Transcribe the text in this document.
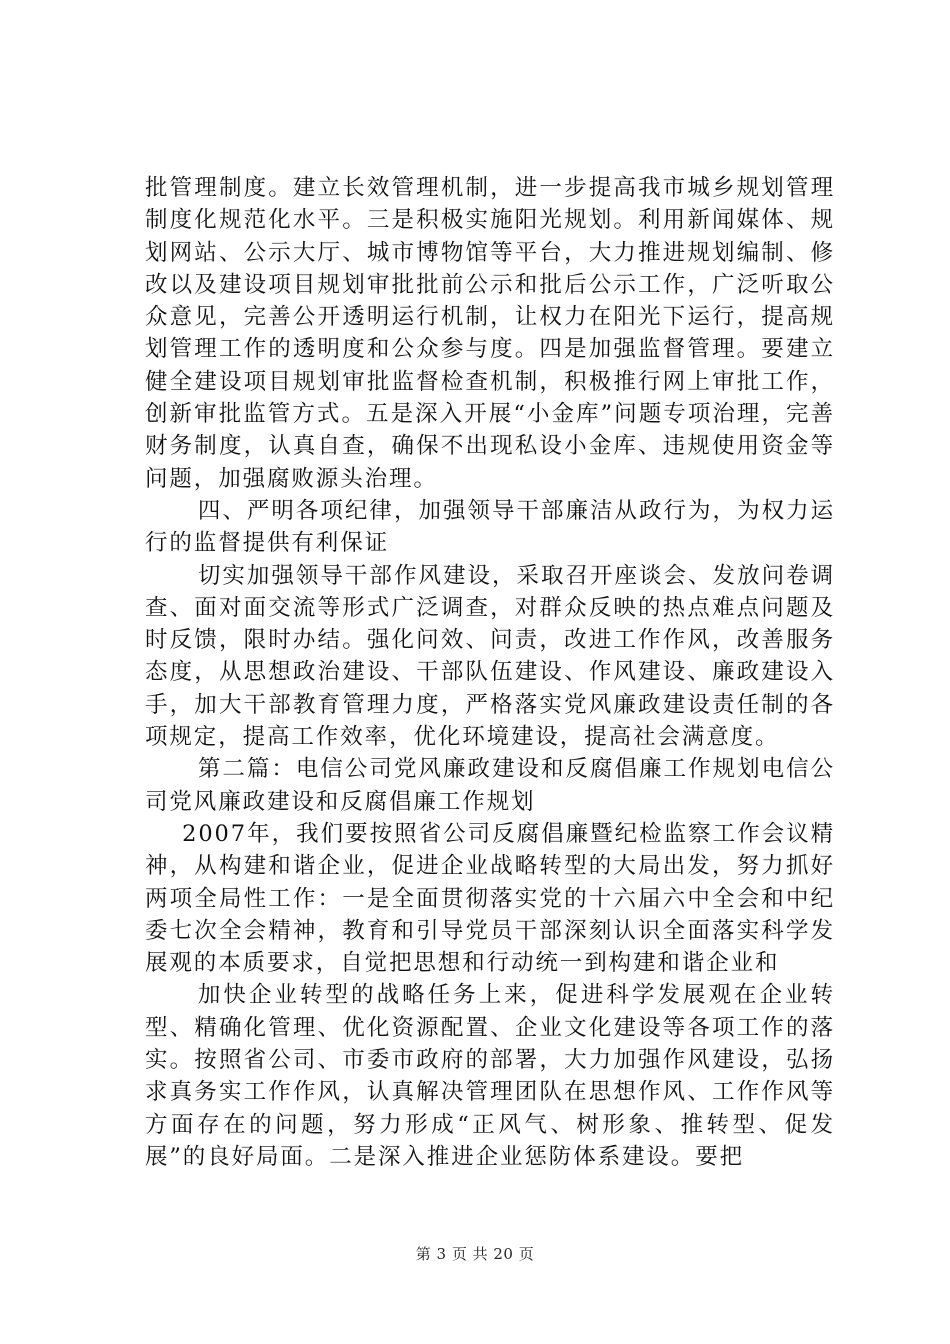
批管理制度。建立长效管理机制，进一步提高我市城乡规划管理制度化规范化水平。三是积极实施阳光规划。利用新闻媒体、规划网站、公示大厅、城市博物馆等平台，大力推进规划编制、修改以及建设项目规划审批批前公示和批后公示工作，广泛听取公众意见，完善公开透明运行机制，让权力在阳光下运行，提高规划管理工作的透明度和公众参与度。四是加强监督管理。要建立健全建设项目规划审批监督检查机制，积极推行网上审批工作，创新审批监管方式。五是深入开展“小金库”问题专项治理，完善财务制度，认真自查，确保不出现私设小金库、违规使用资金等问题，加强腐败源头治理。

四、严明各项纪律，加强领导干部廉洁从政行为，为权力运行的监督提供有利保证

切实加强领导干部作风建设，采取召开座谈会、发放问卷调查、面对面交流等形式广泛调查，对群众反映的热点难点问题及时反馈，限时办结。强化问效、问责，改进工作作风，改善服务态度，从思想政治建设、干部队伍建设、作风建设、廉政建设入手，加大干部教育管理力度，严格落实党风廉政建设责任制的各项规定，提高工作效率，优化环境建设，提高社会满意度。

第二篇：电信公司党风廉政建设和反腐倡廉工作规划电信公司党风廉政建设和反腐倡廉工作规划

2007年，我们要按照省公司反腐倡廉暨纪检监察工作会议精神，从构建和谐企业，促进企业战略转型的大局出发，努力抓好两项全局性工作：一是全面贯彻落实党的十六届六中全会和中纪委七次全会精神，教育和引导党员干部深刻认识全面落实科学发展观的本质要求，自觉把思想和行动统一到构建和谐企业和

加快企业转型的战略任务上来，促进科学发展观在企业转型、精确化管理、优化资源配置、企业文化建设等各项工作的落实。按照省公司、市委市政府的部署，大力加强作风建设，弘扬求真务实工作作风，认真解决管理团队在思想作风、工作作风等方面存在的问题，努力形成“正风气、树形象、推转型、促发展”的良好局面。二是深入推进企业惩防体系建设。要把

第 3 页 共 20 页
